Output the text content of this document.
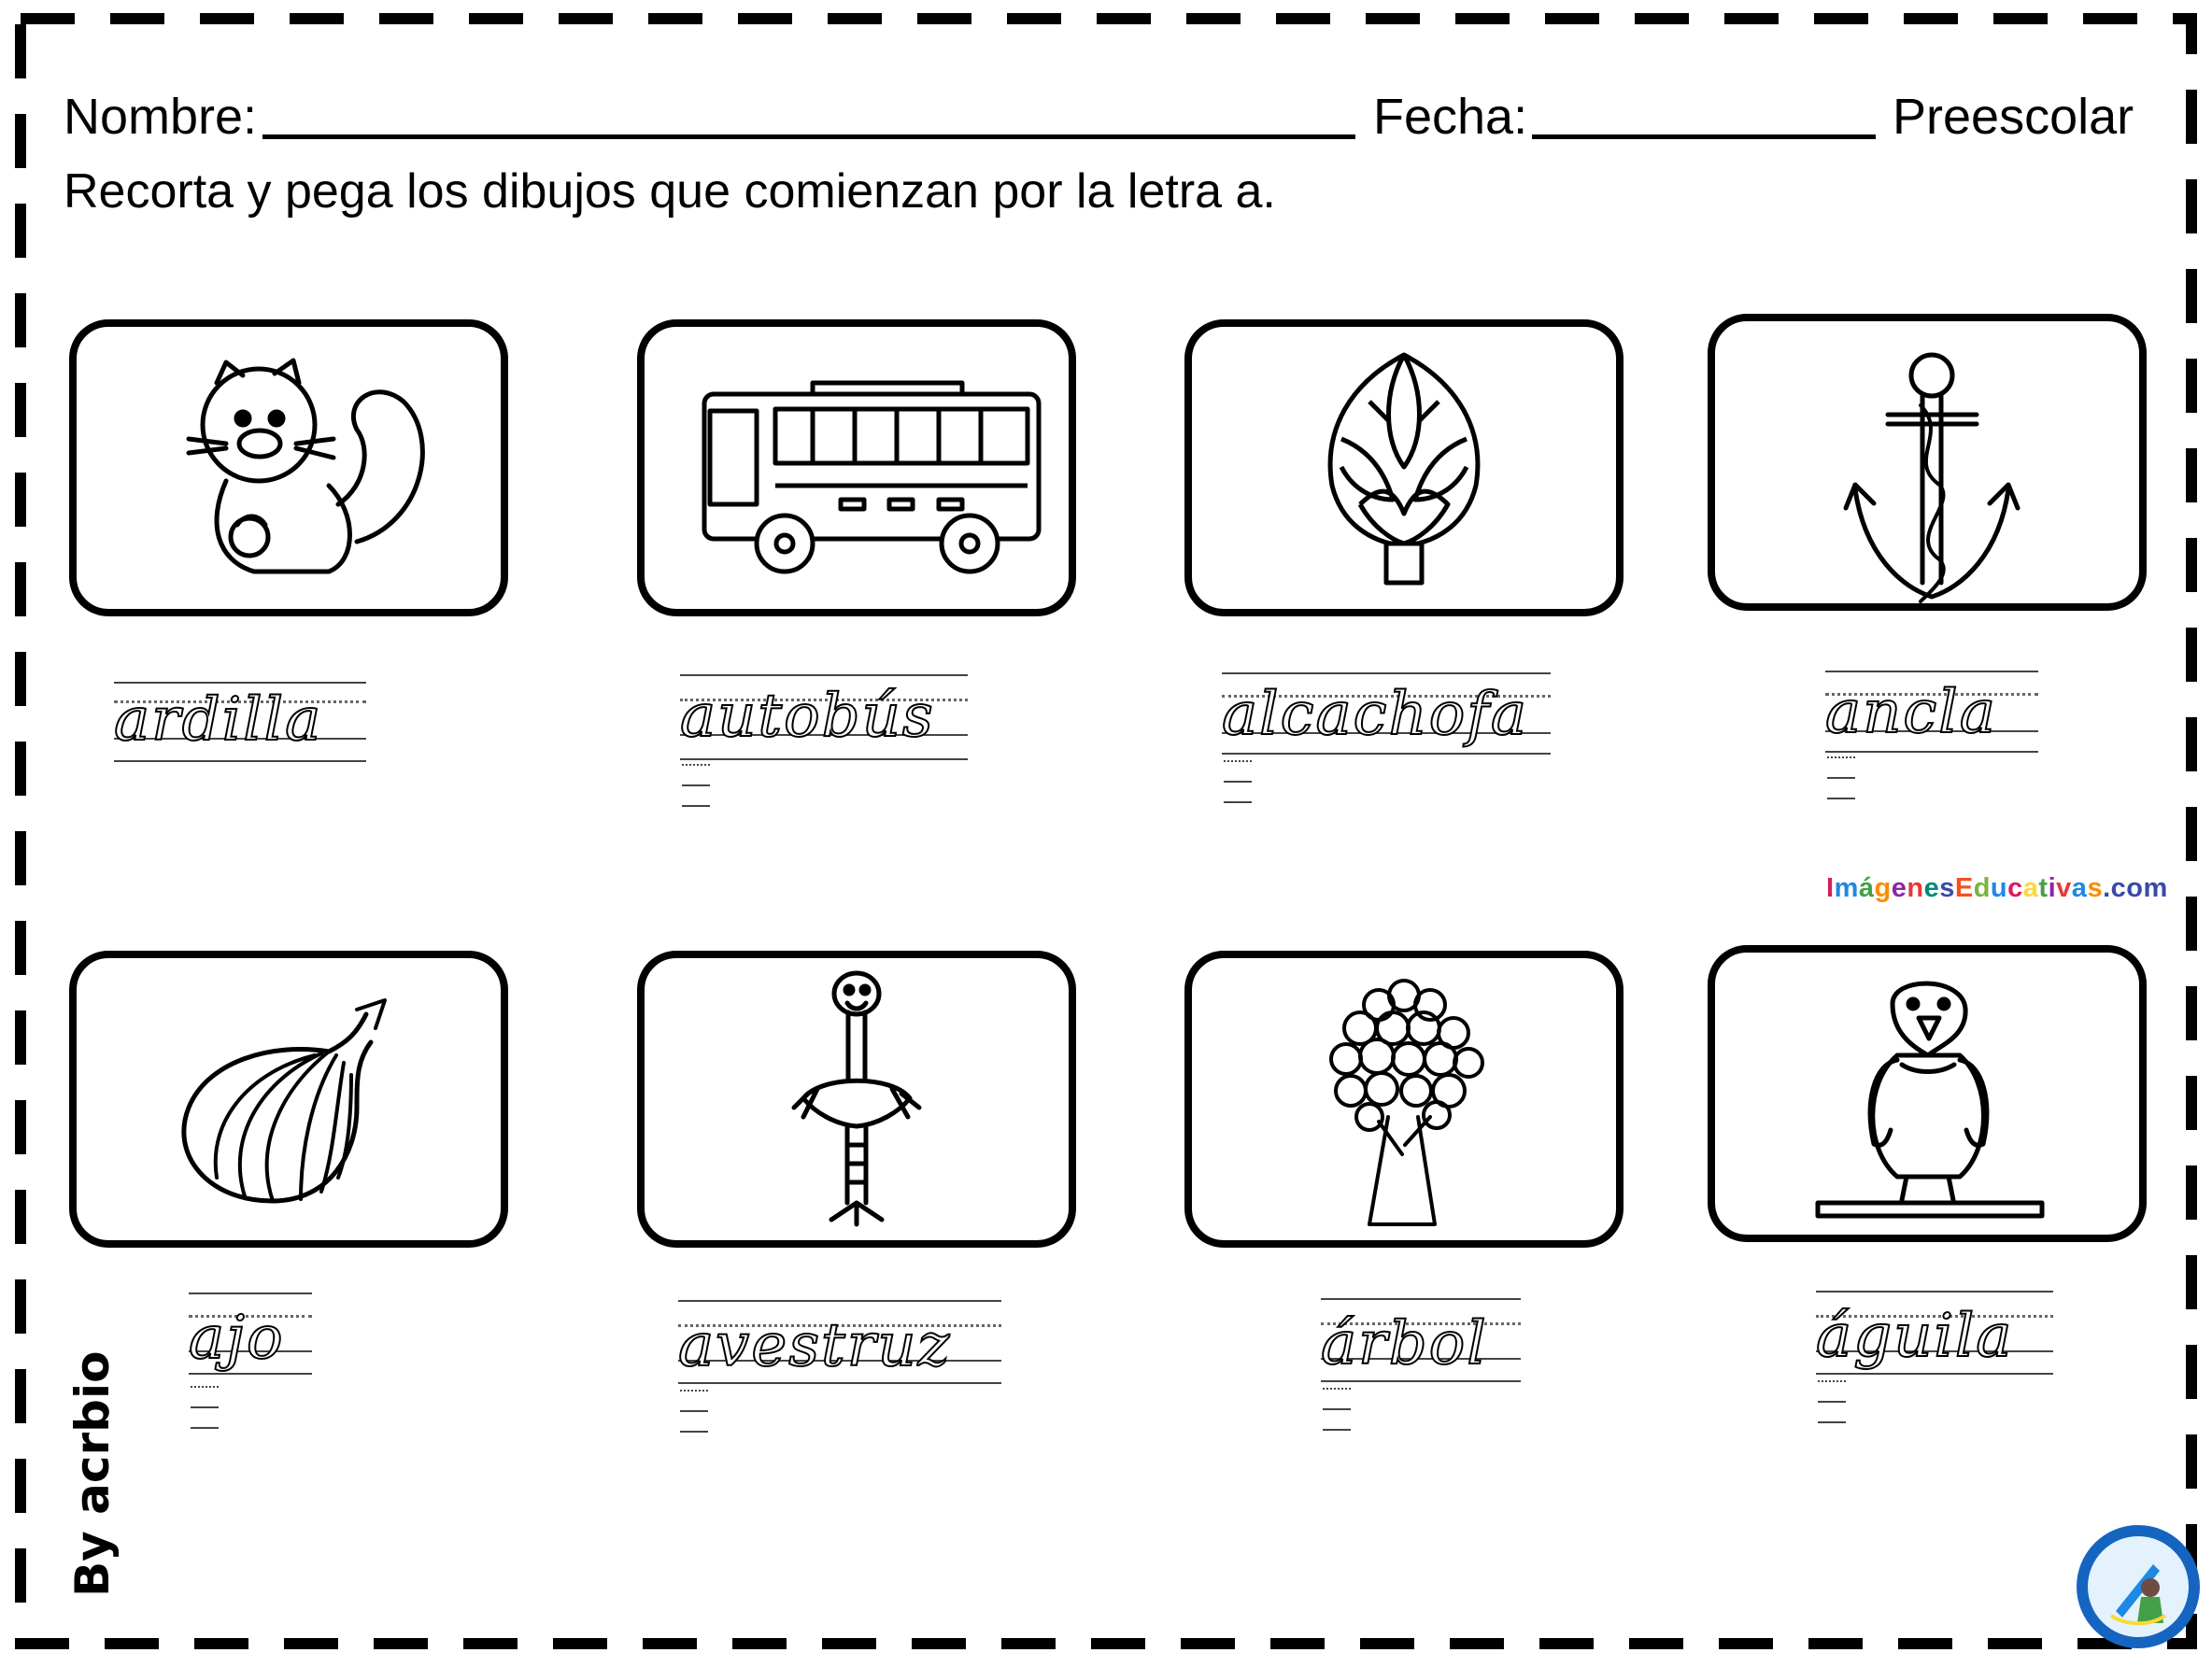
Nombre:	Fecha:	Preescolar
Recorta y pega los dibujos que comienzan por la letra a.
ardilla	autobús	alcachofa	ancla
ImágenesEducativas.com
ajo	avestruz	árbol	águila
By acrbio
